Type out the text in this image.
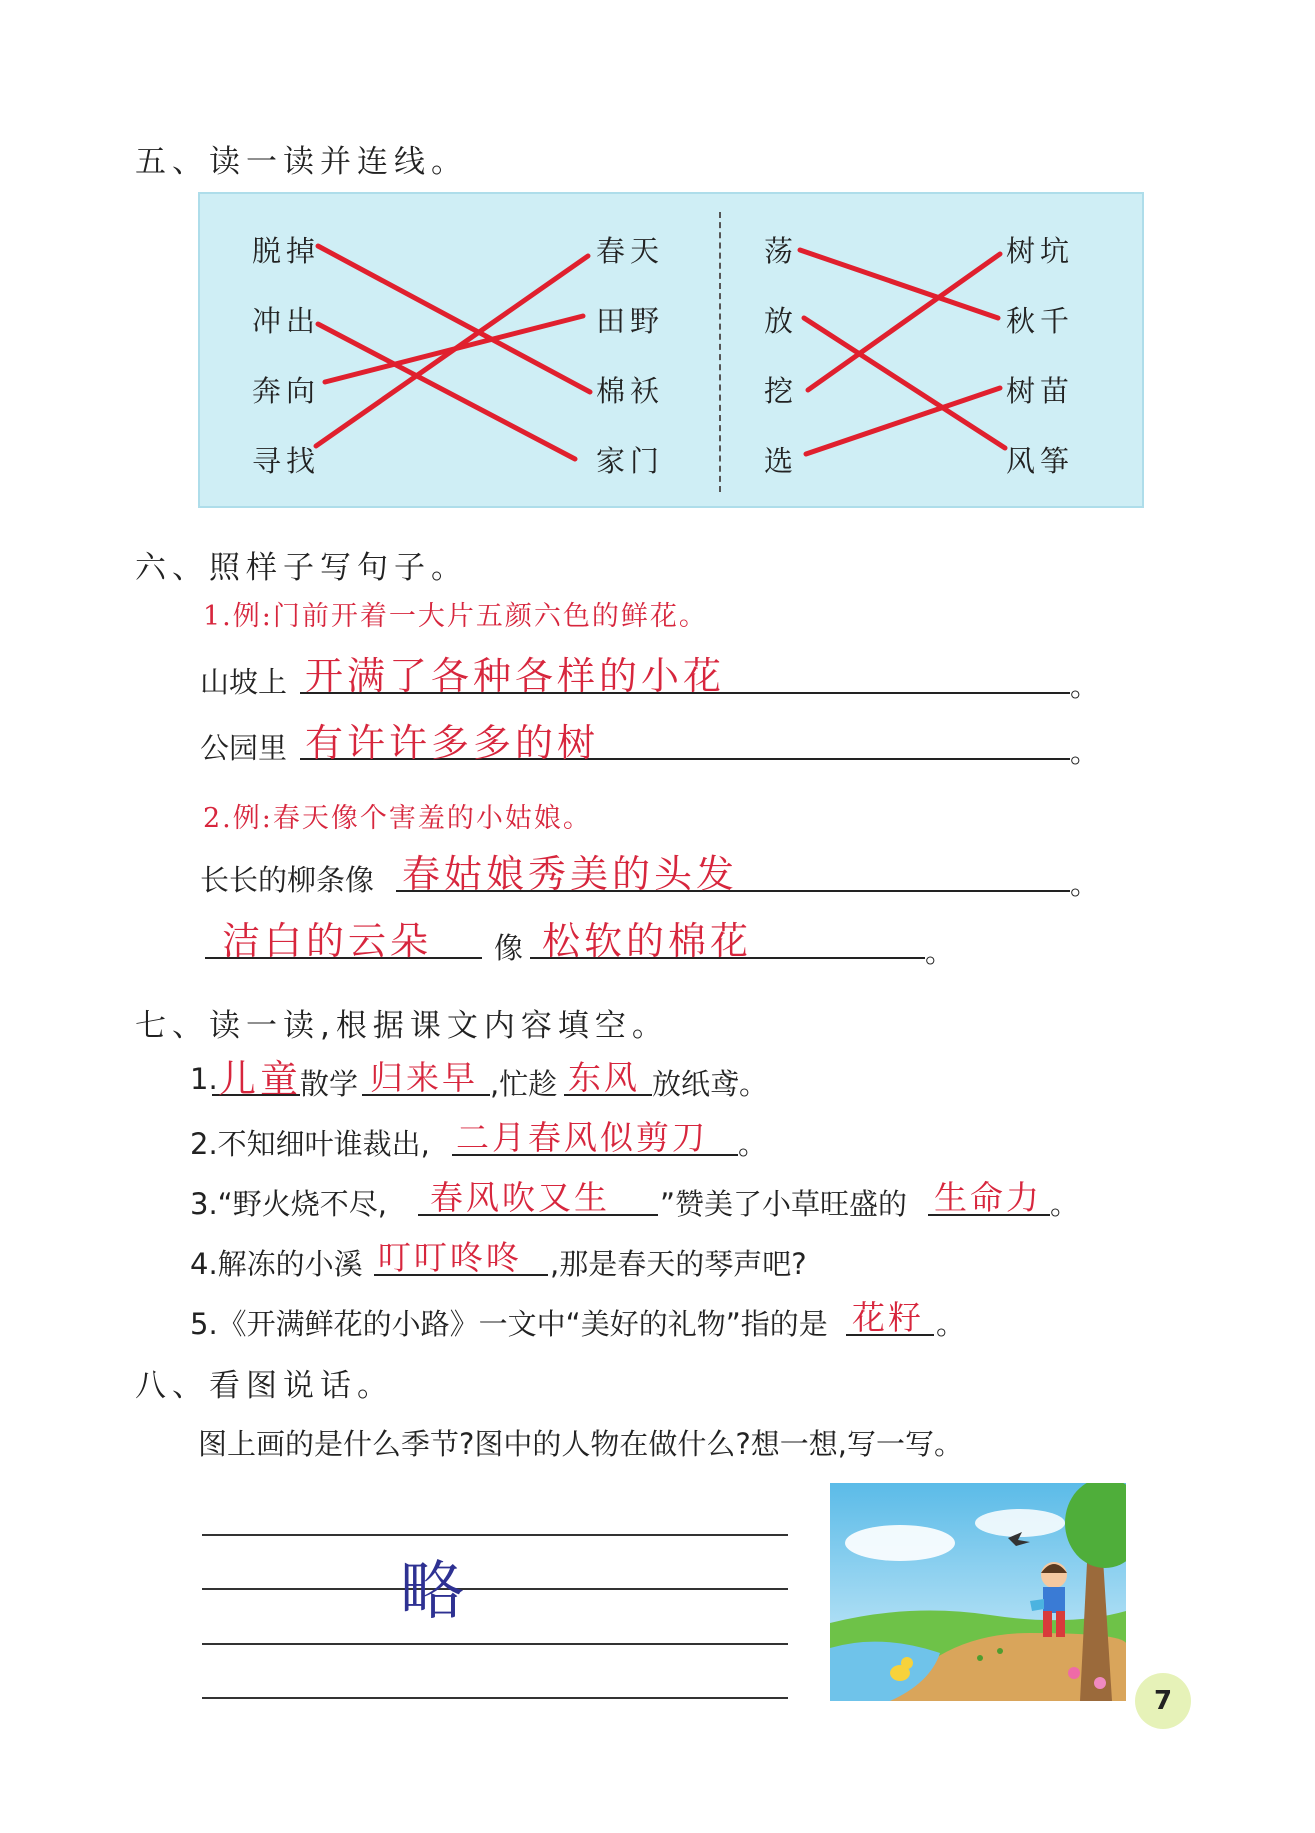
五、读一读并连线。
脱掉
冲出
奔向
寻找
春天
田野
棉袄
家门
荡
放
挖
选
树坑
秋千
树苗
风筝
六、照样子写句子。
1.例:门前开着一大片五颜六色的鲜花。
山坡上 开满了各种各样的小花	。
公园里 有许许多多的树	。
2.例:春天像个害羞的小姑娘。
长长的柳条像 春姑娘秀美的头发	。
洁白的云朵 像 松软的棉花	。
七、读一读,根据课文内容填空。
1. 儿童
散学 归来早 ,忙趁 东风 放纸鸢。
2.不知细叶谁裁出, 二月春风似剪刀 。
3.“野火烧不尽, 春风吹又生 ”赞美了小草旺盛的 生命力 。
4.解冻的小溪 叮叮咚咚 ,那是春天的琴声吧?
5.《开满鲜花的小路》一文中“美好的礼物”指的是 花籽 。
八、看图说话。
图上画的是什么季节?图中的人物在做什么?想一想,写一写。
略
7
